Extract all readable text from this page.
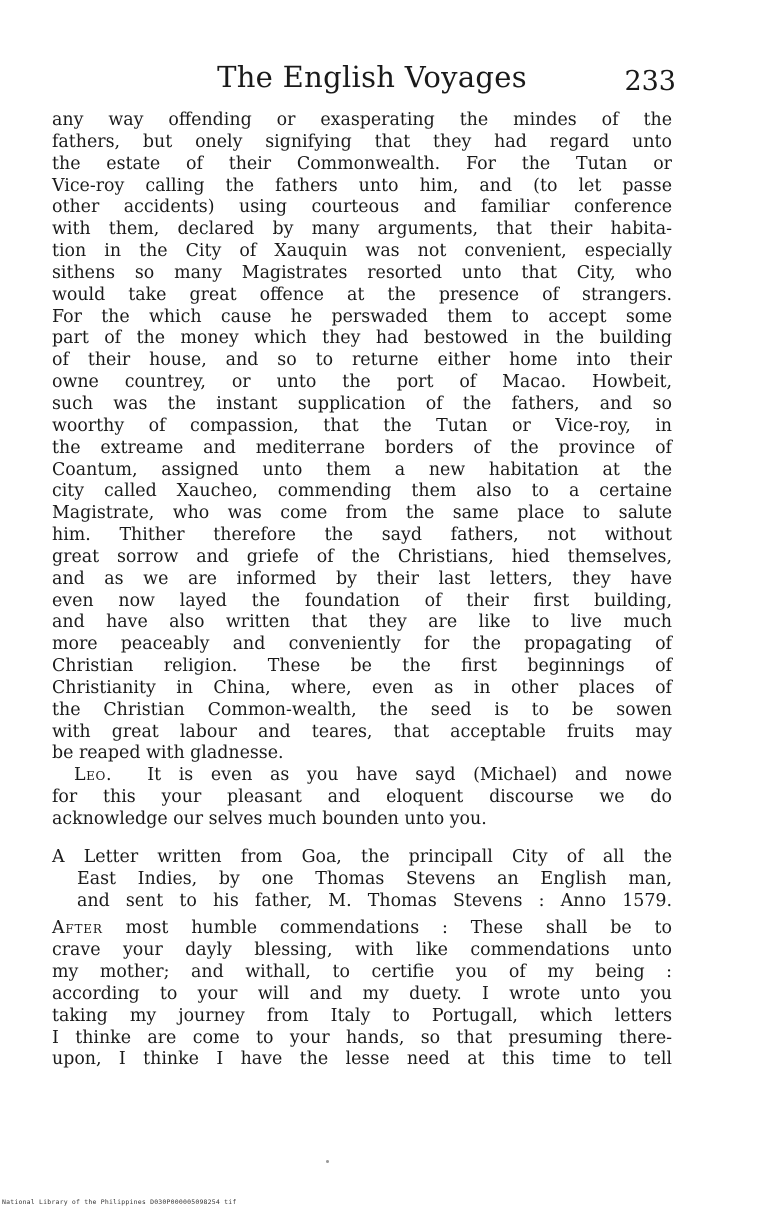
The English Voyages	233
any way offending or exasperating the mindes of the
fathers, but onely signifying that they had regard unto
the estate of their Commonwealth. For the Tutan or
Vice-roy calling the fathers unto him, and (to let passe
other accidents) using courteous and familiar conference
with them, declared by many arguments, that their habita-
tion in the City of Xauquin was not convenient, especially
sithens so many Magistrates resorted unto that City, who
would take great offence at the presence of strangers.
For the which cause he perswaded them to accept some
part of the money which they had bestowed in the building
of their house, and so to returne either home into their
owne countrey, or unto the port of Macao. Howbeit,
such was the instant supplication of the fathers, and so
woorthy of compassion, that the Tutan or Vice-roy, in
the extreame and mediterrane borders of the province of
Coantum, assigned unto them a new habitation at the
city called Xaucheo, commending them also to a certaine
Magistrate, who was come from the same place to salute
him. Thither therefore the sayd fathers, not without
great sorrow and griefe of the Christians, hied themselves,
and as we are informed by their last letters, they have
even now layed the foundation of their first building,
and have also written that they are like to live much
more peaceably and conveniently for the propagating of
Christian religion. These be the first beginnings of
Christianity in China, where, even as in other places of
the Christian Common-wealth, the seed is to be sowen
with great labour and teares, that acceptable fruits may
be reaped with gladnesse.
Leo. It is even as you have sayd (Michael) and nowe
for this your pleasant and eloquent discourse we do
acknowledge our selves much bounden unto you.
A Letter written from Goa, the principall City of all the
East Indies, by one Thomas Stevens an English man,
and sent to his father, M. Thomas Stevens : Anno 1579.
After most humble commendations : These shall be to
crave your dayly blessing, with like commendations unto
my mother; and withall, to certifie you of my being :
according to your will and my duety. I wrote unto you
taking my journey from Italy to Portugall, which letters
I thinke are come to your hands, so that presuming there-
upon, I thinke I have the lesse need at this time to tell
National Library of the Philippines D030P000005098254 tif
